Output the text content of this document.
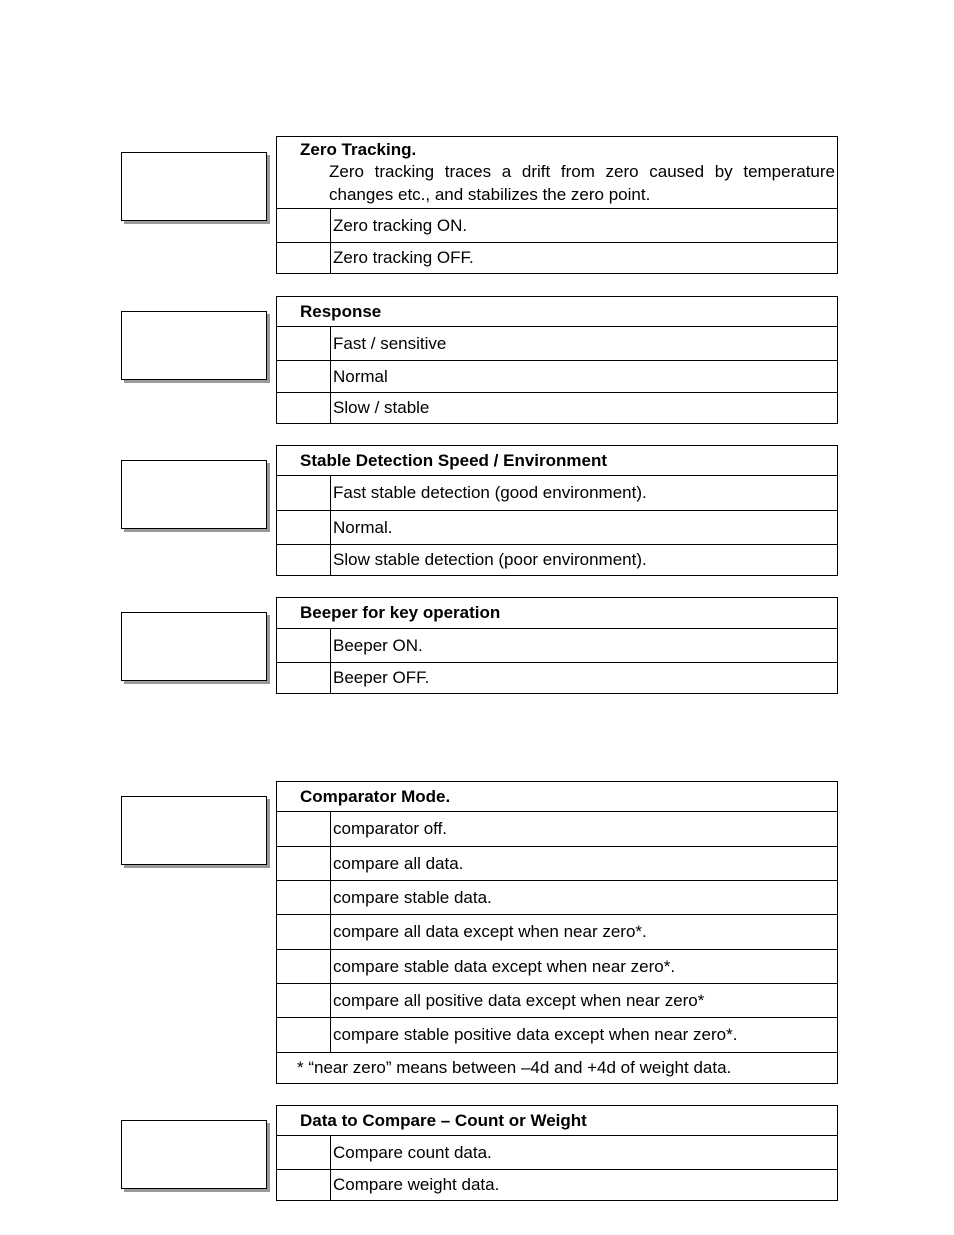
Zero Tracking.
Zero tracking traces a drift from zero caused by temperature changes etc., and stabilizes the zero point.
Zero tracking ON.
Zero tracking OFF.
Response
Fast / sensitive
Normal
Slow / stable
Stable Detection Speed / Environment
Fast stable detection (good environment).
Normal.
Slow stable detection (poor environment).
Beeper for key operation
Beeper ON.
Beeper OFF.
Comparator Mode.
comparator off.
compare all data.
compare stable data.
compare all data except when near zero*.
compare stable data except when near zero*.
compare all positive data except when near zero*
compare stable positive data except when near zero*.
* “near zero” means between –4d and +4d of weight data.
Data to Compare – Count or Weight
Compare count data.
Compare weight data.
